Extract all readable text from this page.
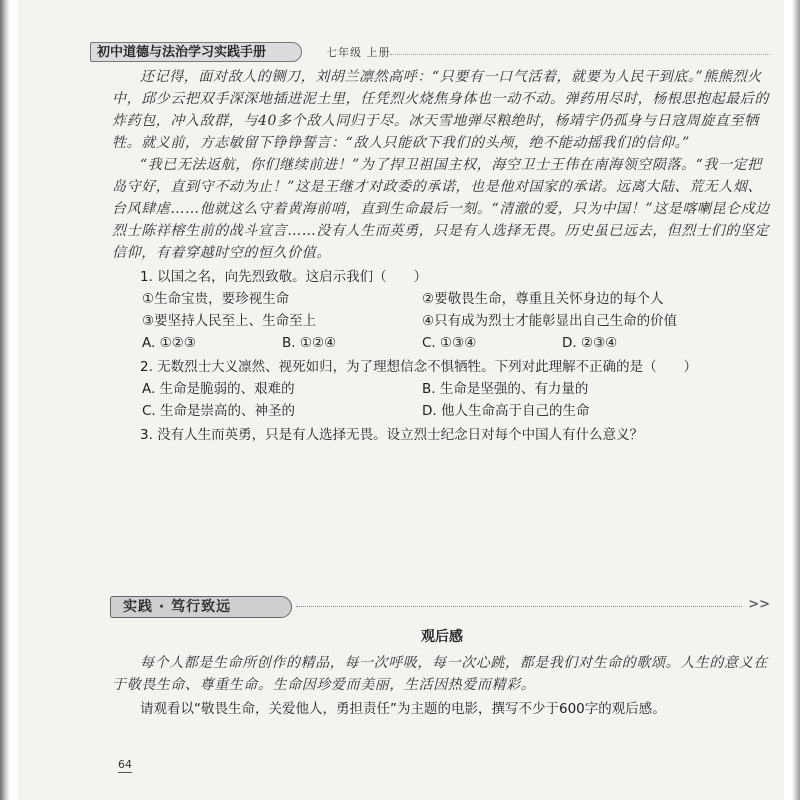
初中道德与法治学习实践手册	七年级 上册

还记得，面对敌人的铡刀，刘胡兰凛然高呼：“只要有一口气活着，就要为人民干到底。”熊熊烈火中，邱少云把双手深深地插进泥土里，任凭烈火烧焦身体也一动不动。弹药用尽时，杨根思抱起最后的炸药包，冲入敌群，与40多个敌人同归于尽。冰天雪地弹尽粮绝时，杨靖宇仍孤身与日寇周旋直至牺牲。就义前，方志敏留下铮铮誓言：“敌人只能砍下我们的头颅，绝不能动摇我们的信仰。”

“我已无法返航，你们继续前进！”为了捍卫祖国主权，海空卫士王伟在南海领空陨落。“我一定把岛守好，直到守不动为止！”这是王继才对政委的承诺，也是他对国家的承诺。远离大陆、荒无人烟、台风肆虐……他就这么守着黄海前哨，直到生命最后一刻。“清澈的爱，只为中国！”这是喀喇昆仑戍边烈士陈祥榕生前的战斗宣言……没有人生而英勇，只是有人选择无畏。历史虽已远去，但烈士们的坚定信仰，有着穿越时空的恒久价值。

1. 以国之名，向先烈致敬。这启示我们（　　）

①生命宝贵，要珍视生命	②要敬畏生命，尊重且关怀身边的每个人

③要坚持人民至上、生命至上	④只有成为烈士才能彰显出自己生命的价值

A. ①②③	B. ①②④	C. ①③④	D. ②③④

2. 无数烈士大义凛然、视死如归，为了理想信念不惧牺牲。下列对此理解不正确的是（　　）

A. 生命是脆弱的、艰难的	B. 生命是坚强的、有力量的

C. 生命是崇高的、神圣的	D. 他人生命高于自己的生命

3. 没有人生而英勇，只是有人选择无畏。设立烈士纪念日对每个中国人有什么意义？

实践 · 笃行致远	>>

观后感

每个人都是生命所创作的精品，每一次呼吸，每一次心跳，都是我们对生命的歌颂。人生的意义在于敬畏生命、尊重生命。生命因珍爱而美丽，生活因热爱而精彩。

请观看以“敬畏生命，关爱他人，勇担责任”为主题的电影，撰写不少于600字的观后感。

64
